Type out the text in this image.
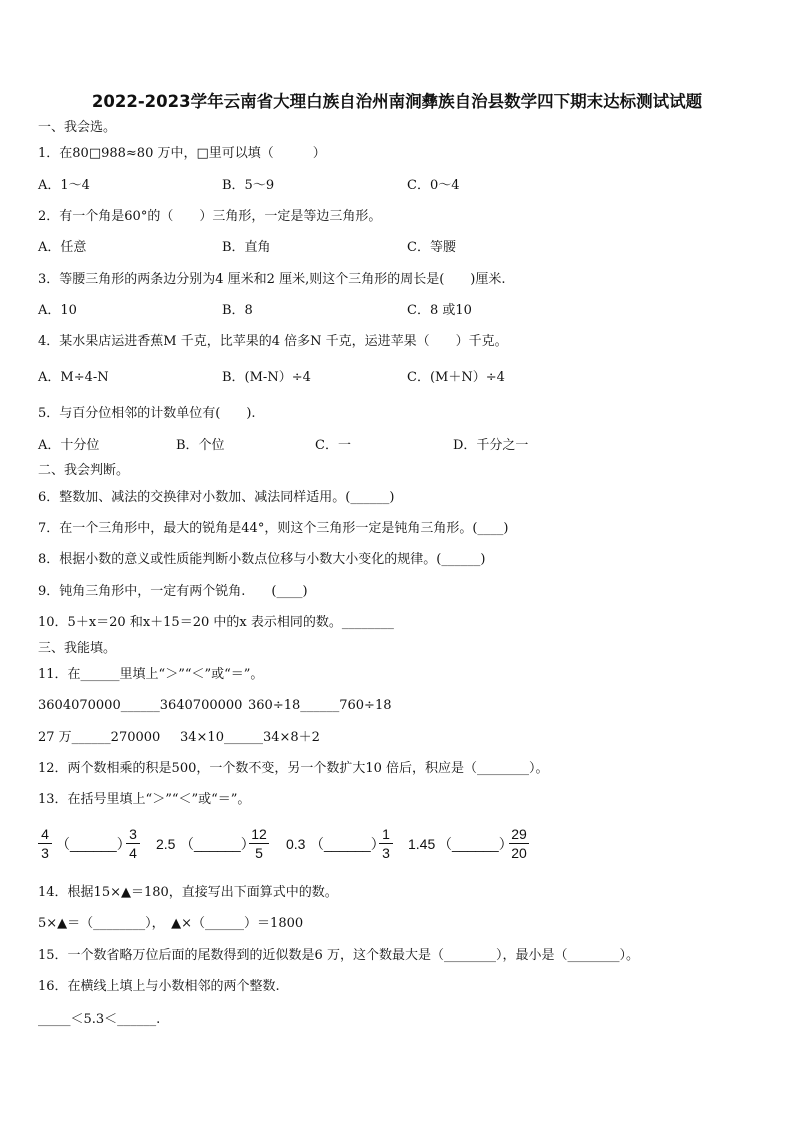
2022-2023学年云南省大理白族自治州南涧彝族自治县数学四下期末达标测试试题
一、我会选。
1．在80□988≈80 万中，□里可以填（　　　）
A．1～4	B．5～9	C．0～4
2．有一个角是60°的（　　）三角形，一定是等边三角形。
A．任意	B．直角	C．等腰
3．等腰三角形的两条边分别为4 厘米和2 厘米,则这个三角形的周长是(　　)厘米.
A．10	B．8	C．8 或10
4．某水果店运进香蕉M 千克，比苹果的4 倍多N 千克，运进苹果（　　）千克。
A．M÷4-N	B．(M-N）÷4	C．(M＋N）÷4
5．与百分位相邻的计数单位有(　　).
A．十分位	B．个位	C．一	D．千分之一
二、我会判断。
6．整数加、减法的交换律对小数加、减法同样适用。(______)
7．在一个三角形中，最大的锐角是44°，则这个三角形一定是钝角三角形。(____)
8．根据小数的意义或性质能判断小数点位移与小数大小变化的规律。(______)
9．钝角三角形中，一定有两个锐角.　　(____)
10．5＋x＝20 和x＋15＝20 中的x 表示相同的数。________
三、我能填。
11．在______里填上“＞”“＜”或“＝”。
3604070000______3640700000 360÷18______760÷18
27 万______270000 34×10______34×8＋2
12．两个数相乘的积是500，一个数不变，另一个数扩大10 倍后，积应是（________）。
13．在括号里填上“＞”“＜”或“＝”。
4
3
（______）
3
4
2.5 （______）
12
5
0.3 （______）
1
3
1.45 （______）
29
20
14．根据15×▲＝180，直接写出下面算式中的数。
5×▲＝（________），　▲×（______）＝1800
15．一个数省略万位后面的尾数得到的近似数是6 万，这个数最大是（________），最小是（________）。
16．在横线上填上与小数相邻的两个整数.
_____＜5.3＜______.
